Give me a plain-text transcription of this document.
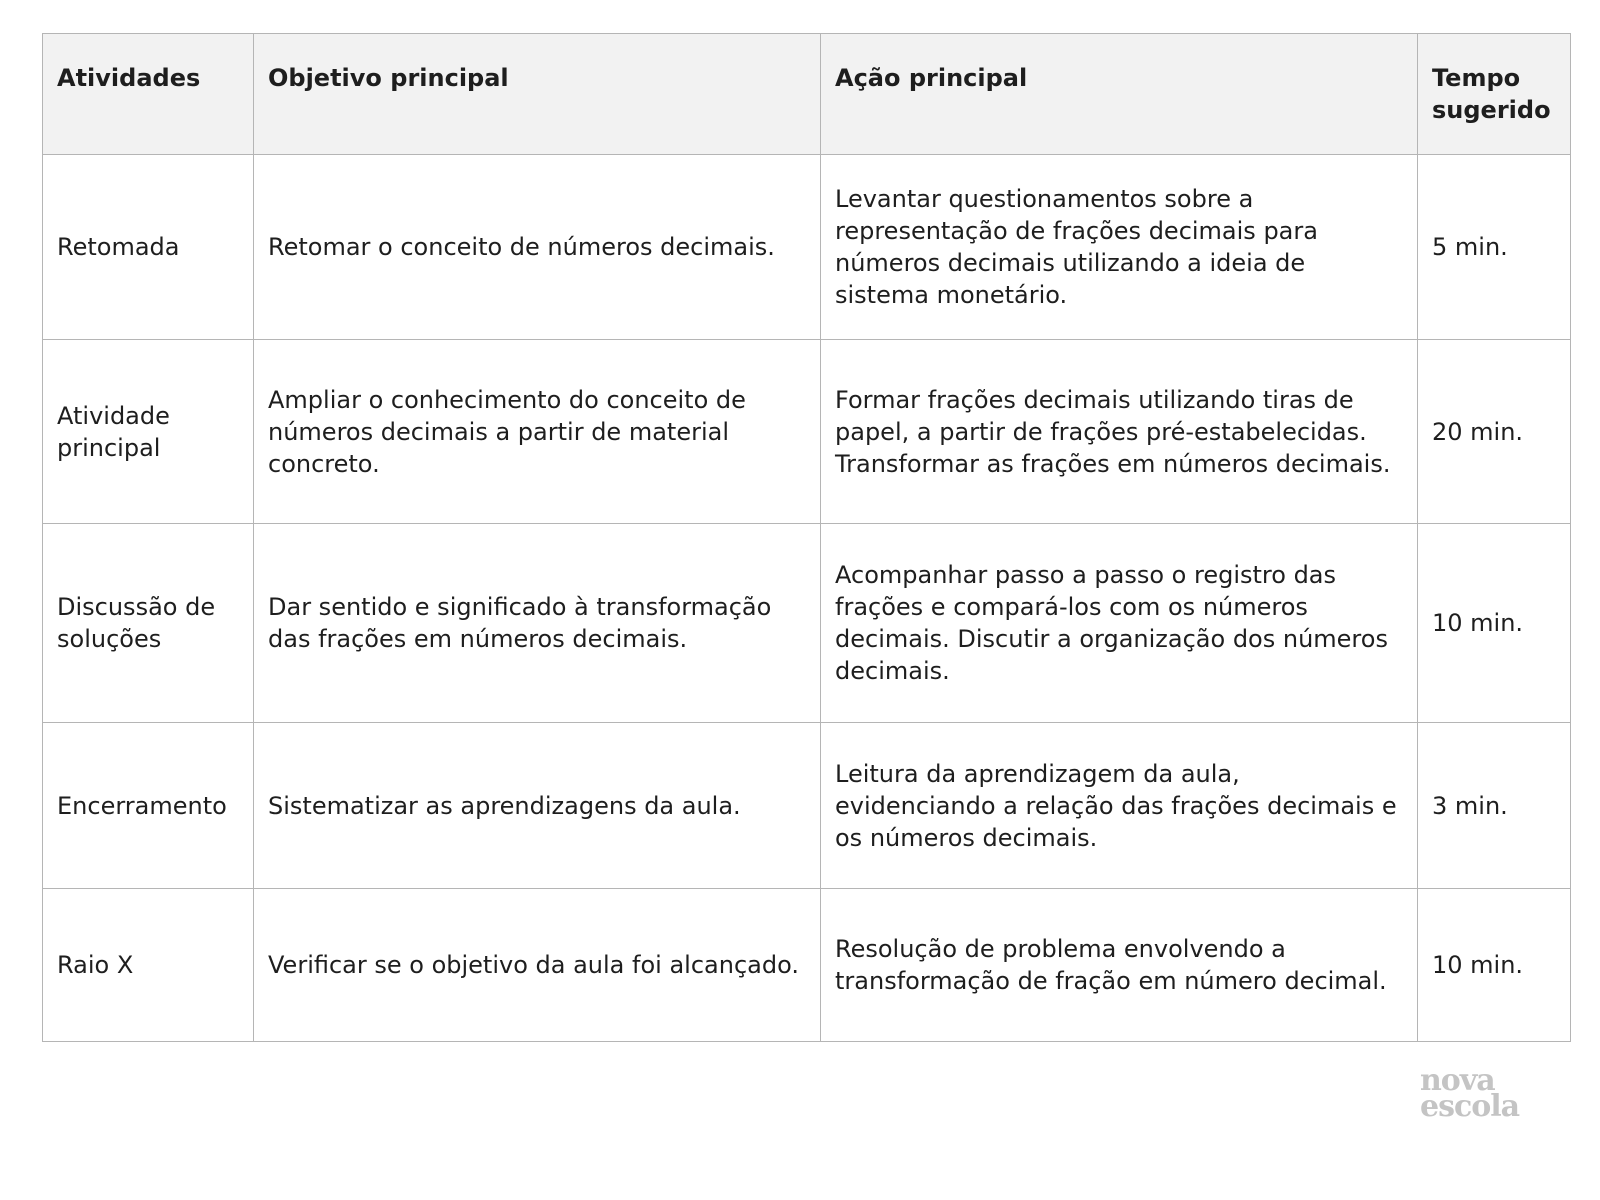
Atividades	Objetivo principal	Ação principal	Tempo sugerido
Retomada	Retomar o conceito de números decimais.	Levantar questionamentos sobre a representação de frações decimais para números decimais utilizando a ideia de sistema monetário.	5 min.
Atividade principal	Ampliar o conhecimento do conceito de números decimais a partir de material concreto.	Formar frações decimais utilizando tiras de papel, a partir de frações pré-estabelecidas. Transformar as frações em números decimais.	20 min.
Discussão de soluções	Dar sentido e significado à transformação das frações em números decimais.	Acompanhar passo a passo o registro das frações e compará-los com os números decimais. Discutir a organização dos números decimais.	10 min.
Encerramento	Sistematizar as aprendizagens da aula.	Leitura da aprendizagem da aula, evidenciando a relação das frações decimais e os números decimais.	3 min.
Raio X	Verificar se o objetivo da aula foi alcançado.	Resolução de problema envolvendo a transformação de fração em número decimal.	10 min.
nova
escola
